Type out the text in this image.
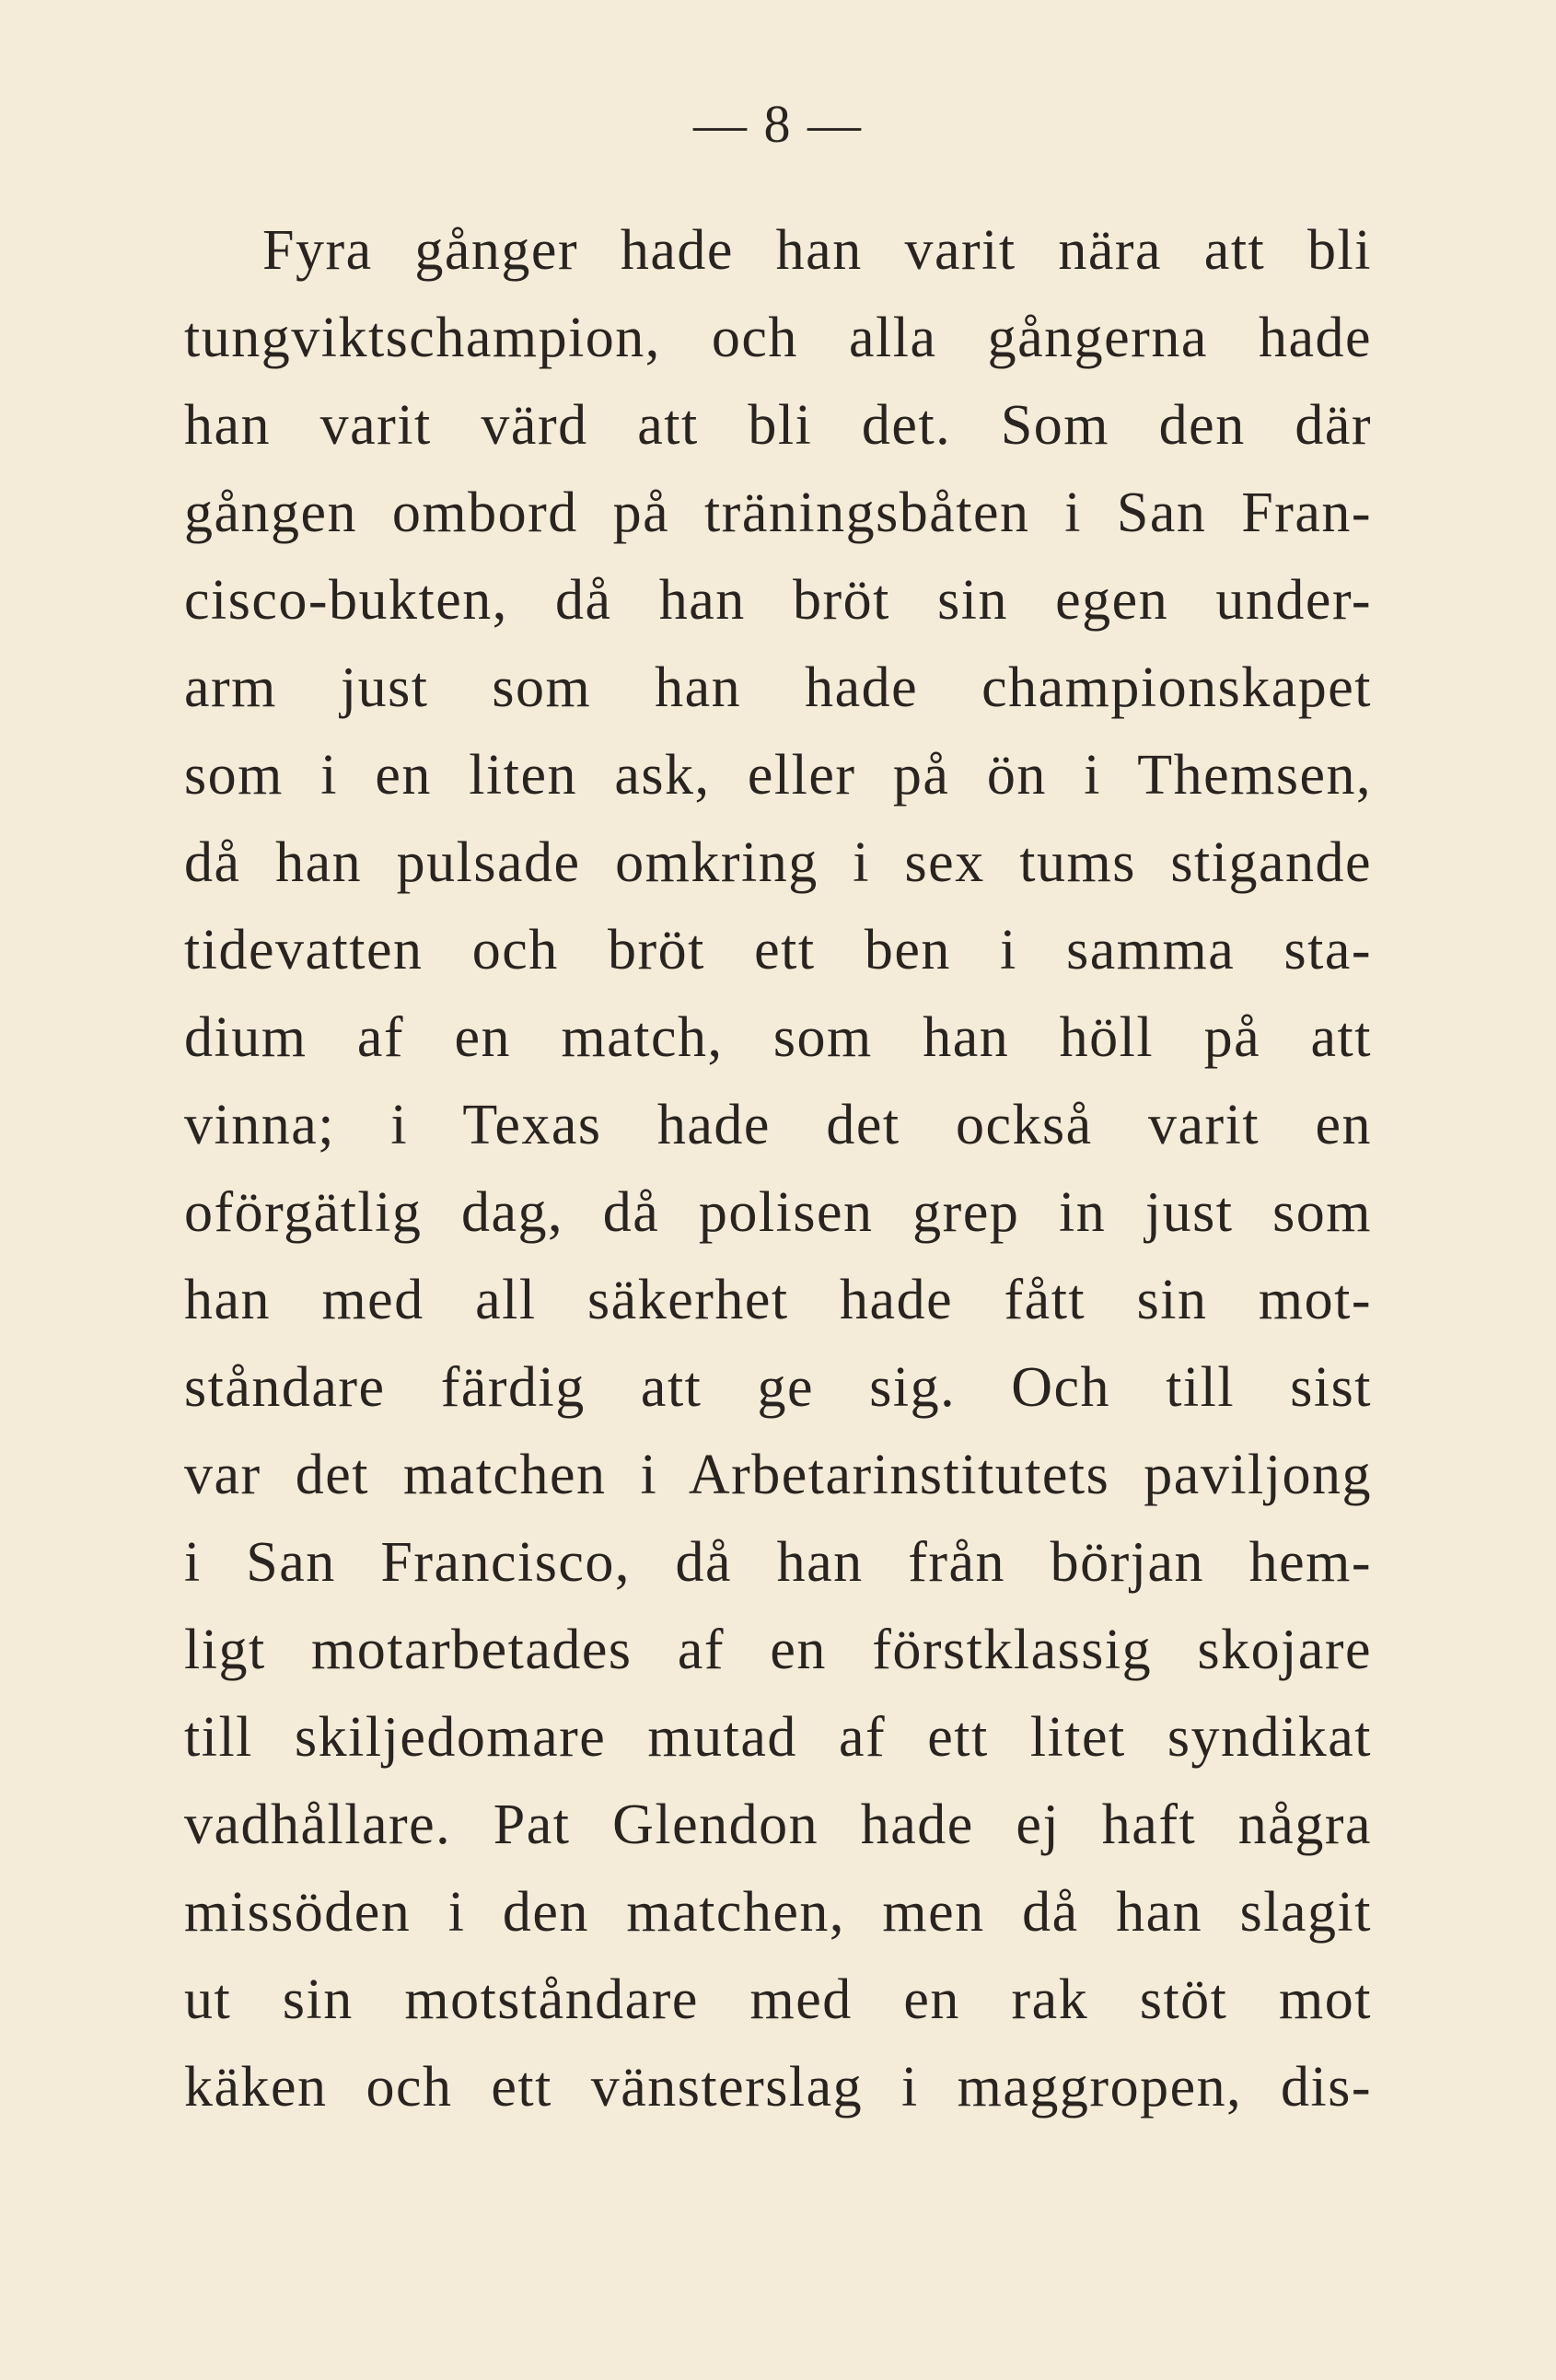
— 8 —
Fyra gånger hade han varit nära att bli
tungviktschampion, och alla gångerna hade
han varit värd att bli det. Som den där
gången ombord på träningsbåten i San Fran-
cisco-bukten, då han bröt sin egen under-
arm just som han hade championskapet
som i en liten ask, eller på ön i Themsen,
då han pulsade omkring i sex tums stigande
tidevatten och bröt ett ben i samma sta-
dium af en match, som han höll på att
vinna; i Texas hade det också varit en
oförgätlig dag, då polisen grep in just som
han med all säkerhet hade fått sin mot-
ståndare färdig att ge sig. Och till sist
var det matchen i Arbetarinstitutets paviljong
i San Francisco, då han från början hem-
ligt motarbetades af en förstklassig skojare
till skiljedomare mutad af ett litet syndikat
vadhållare. Pat Glendon hade ej haft några
missöden i den matchen, men då han slagit
ut sin motståndare med en rak stöt mot
käken och ett vänsterslag i maggropen, dis-
